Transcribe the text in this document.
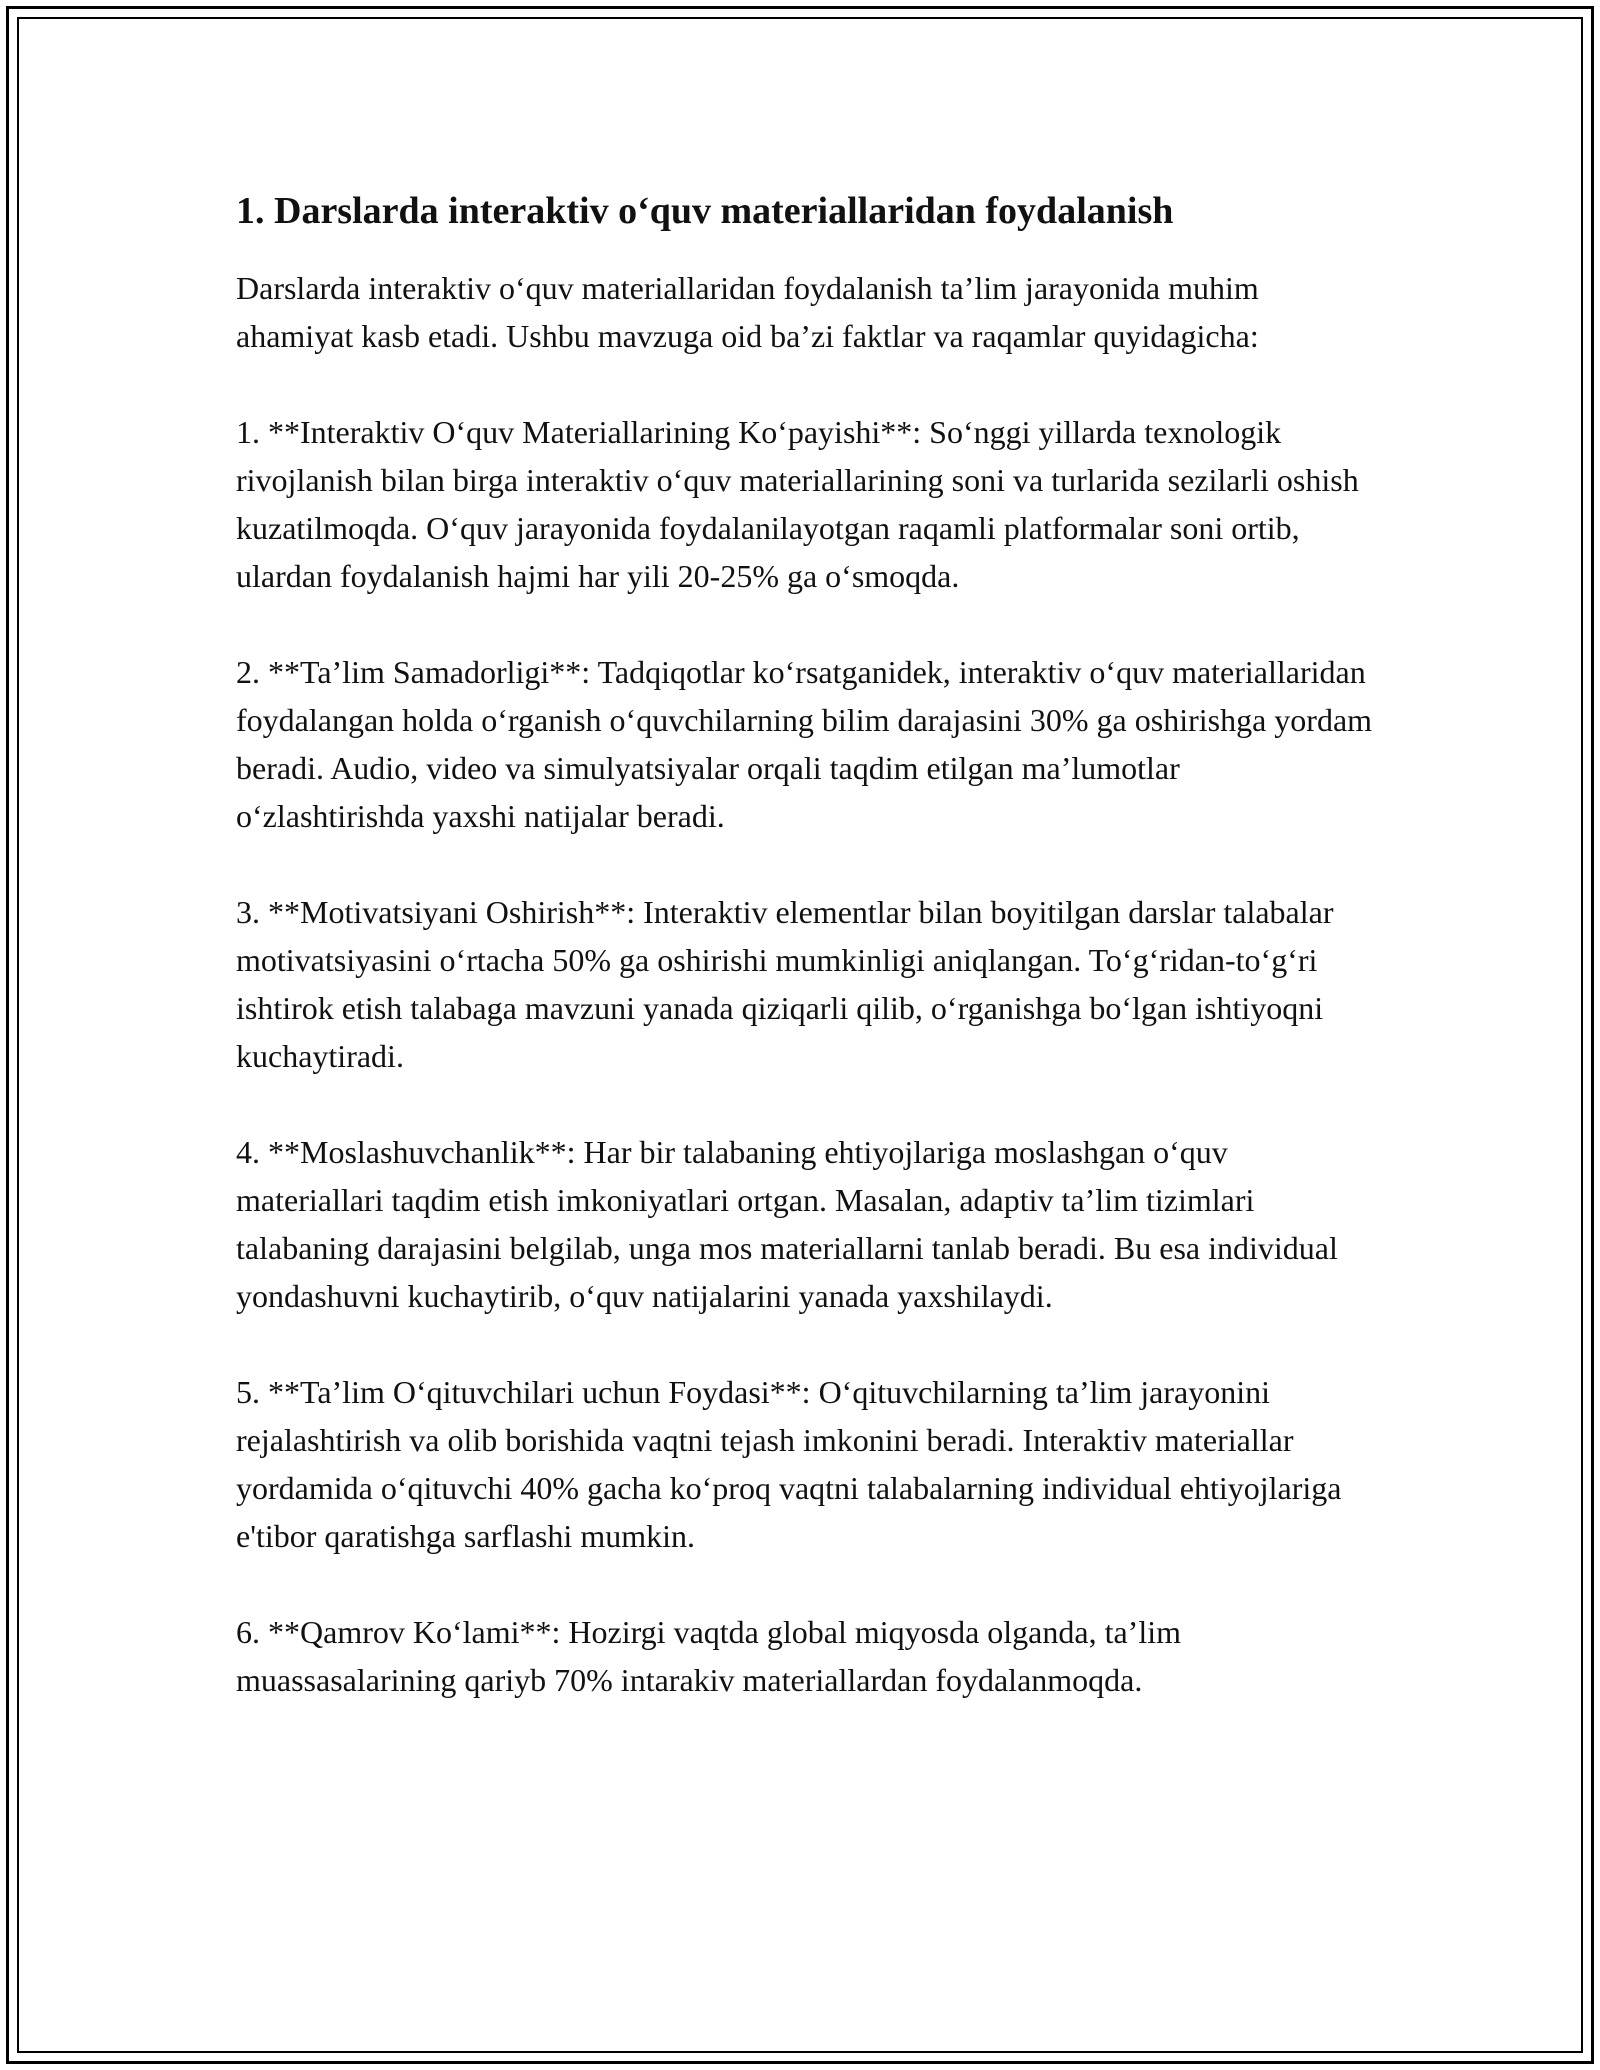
1. Darslarda interaktiv o‘quv materiallaridan foydalanish

Darslarda interaktiv o‘quv materiallaridan foydalanish ta’lim jarayonida muhim ahamiyat kasb etadi. Ushbu mavzuga oid ba’zi faktlar va raqamlar quyidagicha:

1. **Interaktiv O‘quv Materiallarining Ko‘payishi**: So‘nggi yillarda texnologik rivojlanish bilan birga interaktiv o‘quv materiallarining soni va turlarida sezilarli oshish kuzatilmoqda. O‘quv jarayonida foydalanilayotgan raqamli platformalar soni ortib, ulardan foydalanish hajmi har yili 20-25% ga o‘smoqda.

2. **Ta’lim Samadorligi**: Tadqiqotlar ko‘rsatganidek, interaktiv o‘quv materiallaridan foydalangan holda o‘rganish o‘quvchilarning bilim darajasini 30% ga oshirishga yordam beradi. Audio, video va simulyatsiyalar orqali taqdim etilgan ma’lumotlar o‘zlashtirishda yaxshi natijalar beradi.

3. **Motivatsiyani Oshirish**: Interaktiv elementlar bilan boyitilgan darslar talabalar motivatsiyasini o‘rtacha 50% ga oshirishi mumkinligi aniqlangan. To‘g‘ridan-to‘g‘ri ishtirok etish talabaga mavzuni yanada qiziqarli qilib, o‘rganishga bo‘lgan ishtiyoqni kuchaytiradi.

4. **Moslashuvchanlik**: Har bir talabaning ehtiyojlariga moslashgan o‘quv materiallari taqdim etish imkoniyatlari ortgan. Masalan, adaptiv ta’lim tizimlari talabaning darajasini belgilab, unga mos materiallarni tanlab beradi. Bu esa individual yondashuvni kuchaytirib, o‘quv natijalarini yanada yaxshilaydi.

5. **Ta’lim O‘qituvchilari uchun Foydasi**: O‘qituvchilarning ta’lim jarayonini rejalashtirish va olib borishida vaqtni tejash imkonini beradi. Interaktiv materiallar yordamida o‘qituvchi 40% gacha ko‘proq vaqtni talabalarning individual ehtiyojlariga e'tibor qaratishga sarflashi mumkin.

6. **Qamrov Ko‘lami**: Hozirgi vaqtda global miqyosda olganda, ta’lim muassasalarining qariyb 70% intarakiv materiallardan foydalanmoqda.
